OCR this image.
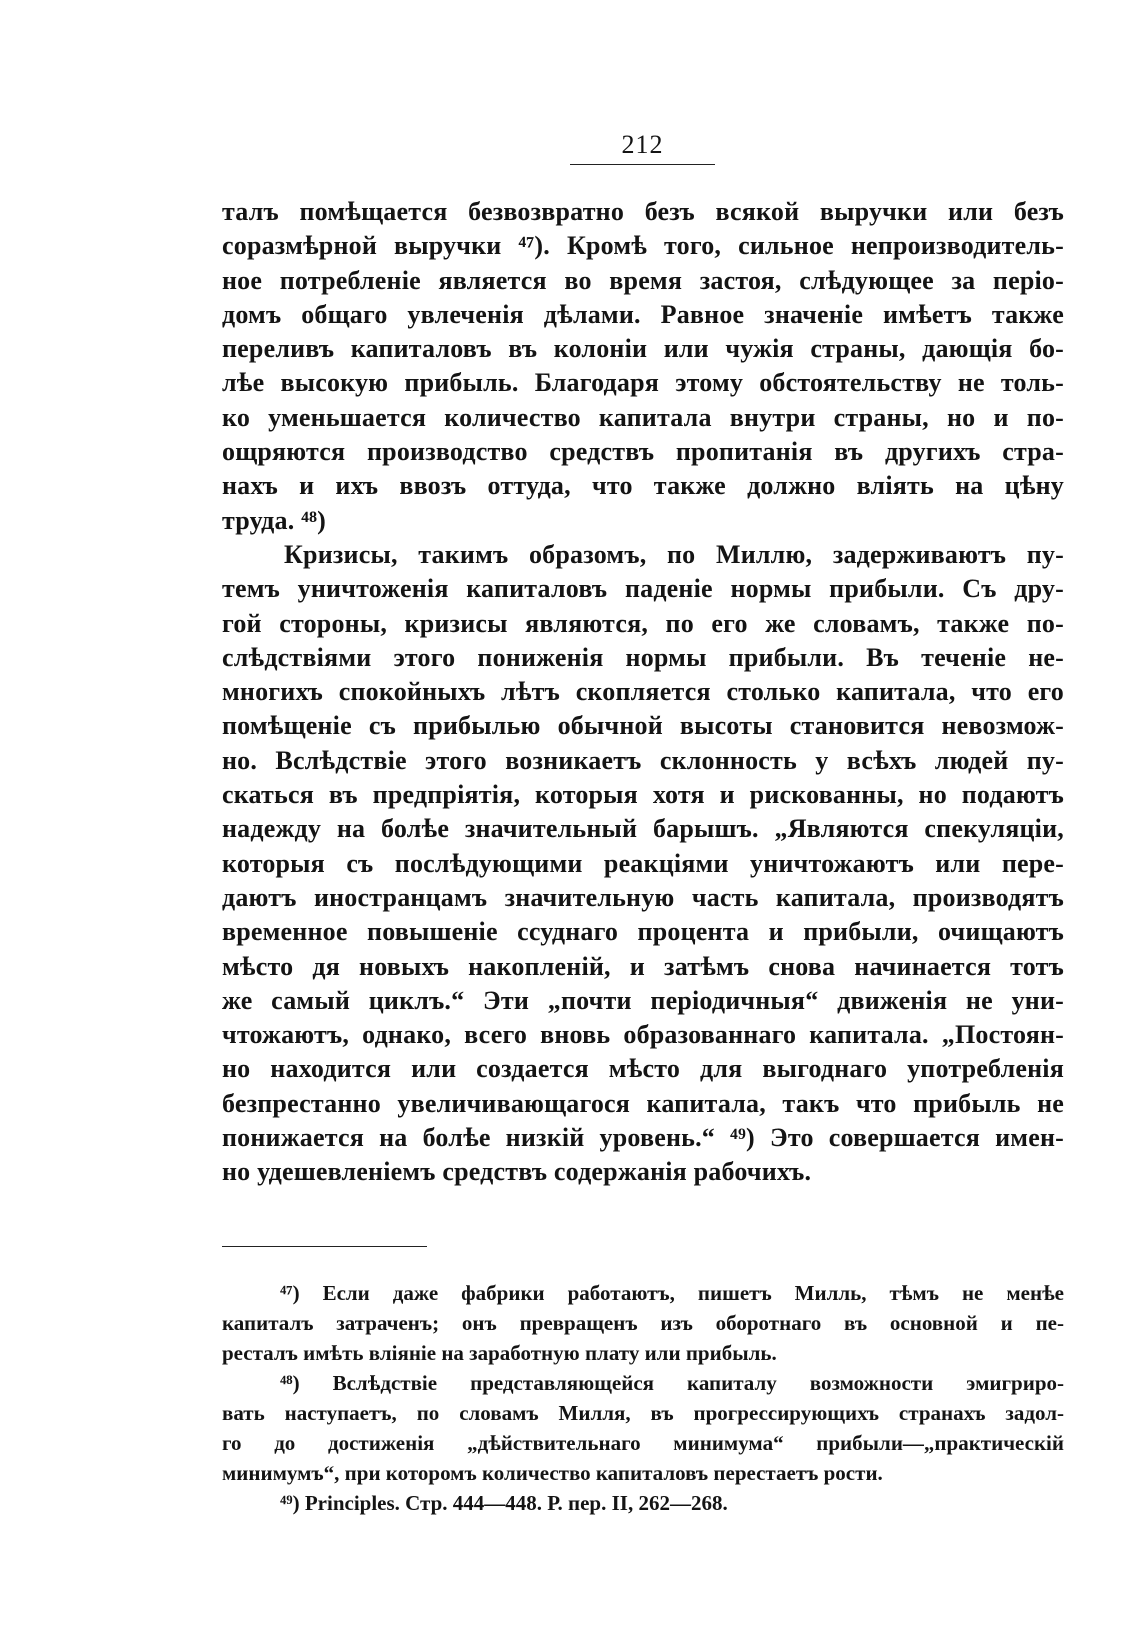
212
талъ помѣщается безвозвратно безъ всякой выручки или безъ
соразмѣрной выручки ⁴⁷). Кромѣ того, сильное непроизводитель-
ное потребленіе является во время застоя, слѣдующее за періо-
домъ общаго увлеченія дѣлами. Равное значеніе имѣетъ также
переливъ капиталовъ въ колоніи или чужія страны, дающія бо-
лѣе высокую прибыль. Благодаря этому обстоятельству не толь-
ко уменьшается количество капитала внутри страны, но и по-
ощряются производство средствъ пропитанія въ другихъ стра-
нахъ и ихъ ввозъ оттуда, что также должно вліять на цѣну
труда. ⁴⁸)
Кризисы, такимъ образомъ, по Миллю, задерживаютъ пу-
темъ уничтоженія капиталовъ паденіе нормы прибыли. Съ дру-
гой стороны, кризисы являются, по его же словамъ, также по-
слѣдствіями этого пониженія нормы прибыли. Въ теченіе не-
многихъ спокойныхъ лѣтъ скопляется столько капитала, что его
помѣщеніе съ прибылью обычной высоты становится невозмож-
но. Вслѣдствіе этого возникаетъ склонность у всѣхъ людей пу-
скаться въ предпріятія, которыя хотя и рискованны, но подаютъ
надежду на болѣе значительный барышъ. „Являются спекуляціи,
которыя съ послѣдующими реакціями уничтожаютъ или пере-
даютъ иностранцамъ значительную часть капитала, производятъ
временное повышеніе ссуднаго процента и прибыли, очищаютъ
мѣсто дя новыхъ накопленій, и затѣмъ снова начинается тотъ
же самый циклъ.“ Эти „почти періодичныя“ движенія не уни-
чтожаютъ, однако, всего вновь образованнаго капитала. „Постоян-
но находится или создается мѣсто для выгоднаго употребленія
безпрестанно увеличивающагося капитала, такъ что прибыль не
понижается на болѣе низкій уровень.“ ⁴⁹) Это совершается имен-
но удешевленіемъ средствъ содержанія рабочихъ.
⁴⁷) Если даже фабрики работаютъ, пишетъ Милль, тѣмъ не менѣе
капиталъ затраченъ; онъ превращенъ изъ оборотнаго въ основной и пе-
ресталъ имѣть вліяніе на заработную плату или прибыль.
⁴⁸) Вслѣдствіе представляющейся капиталу возможности эмигриро-
вать наступаетъ, по словамъ Милля, въ прогрессирующихъ странахъ задол-
го до достиженія „дѣйствительнаго минимума“ прибыли—„практическій
минимумъ“, при которомъ количество капиталовъ перестаетъ рости.
⁴⁹) Principles. Стр. 444—448. Р. пер. II, 262—268.
